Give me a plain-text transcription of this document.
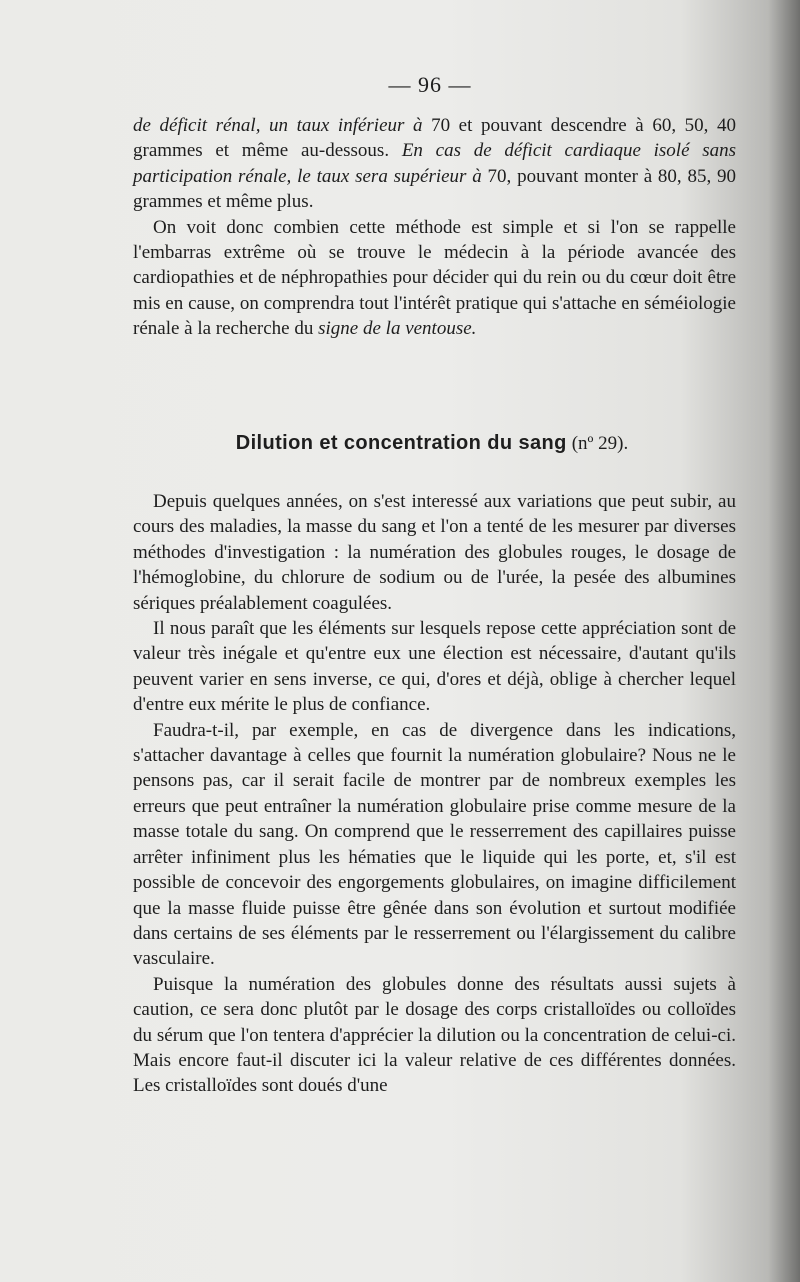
— 96 —

de déficit rénal, un taux inférieur à 70 et pouvant descendre à 60, 50, 40 grammes et même au-dessous. En cas de déficit cardiaque isolé sans participation rénale, le taux sera supérieur à 70, pouvant monter à 80, 85, 90 grammes et même plus.

On voit donc combien cette méthode est simple et si l'on se rappelle l'embarras extrême où se trouve le médecin à la période avancée des cardiopathies et de néphropathies pour décider qui du rein ou du cœur doit être mis en cause, on comprendra tout l'intérêt pratique qui s'attache en séméiologie rénale à la recherche du signe de la ventouse.

Dilution et concentration du sang (nº 29).

Depuis quelques années, on s'est interessé aux variations que peut subir, au cours des maladies, la masse du sang et l'on a tenté de les mesurer par diverses méthodes d'investigation : la numération des globules rouges, le dosage de l'hémoglobine, du chlorure de sodium ou de l'urée, la pesée des albumines sériques préalablement coagulées.

Il nous paraît que les éléments sur lesquels repose cette appréciation sont de valeur très inégale et qu'entre eux une élection est nécessaire, d'autant qu'ils peuvent varier en sens inverse, ce qui, d'ores et déjà, oblige à chercher lequel d'entre eux mérite le plus de confiance.

Faudra-t-il, par exemple, en cas de divergence dans les indications, s'attacher davantage à celles que fournit la numération globulaire? Nous ne le pensons pas, car il serait facile de montrer par de nombreux exemples les erreurs que peut entraîner la numération globulaire prise comme mesure de la masse totale du sang. On comprend que le resserrement des capillaires puisse arrêter infiniment plus les hématies que le liquide qui les porte, et, s'il est possible de concevoir des engorgements globulaires, on imagine difficilement que la masse fluide puisse être gênée dans son évolution et surtout modifiée dans certains de ses éléments par le resserrement ou l'élargissement du calibre vasculaire.

Puisque la numération des globules donne des résultats aussi sujets à caution, ce sera donc plutôt par le dosage des corps cristalloïdes ou colloïdes du sérum que l'on tentera d'apprécier la dilution ou la concentration de celui-ci. Mais encore faut-il discuter ici la valeur relative de ces différentes données. Les cristalloïdes sont doués d'une
